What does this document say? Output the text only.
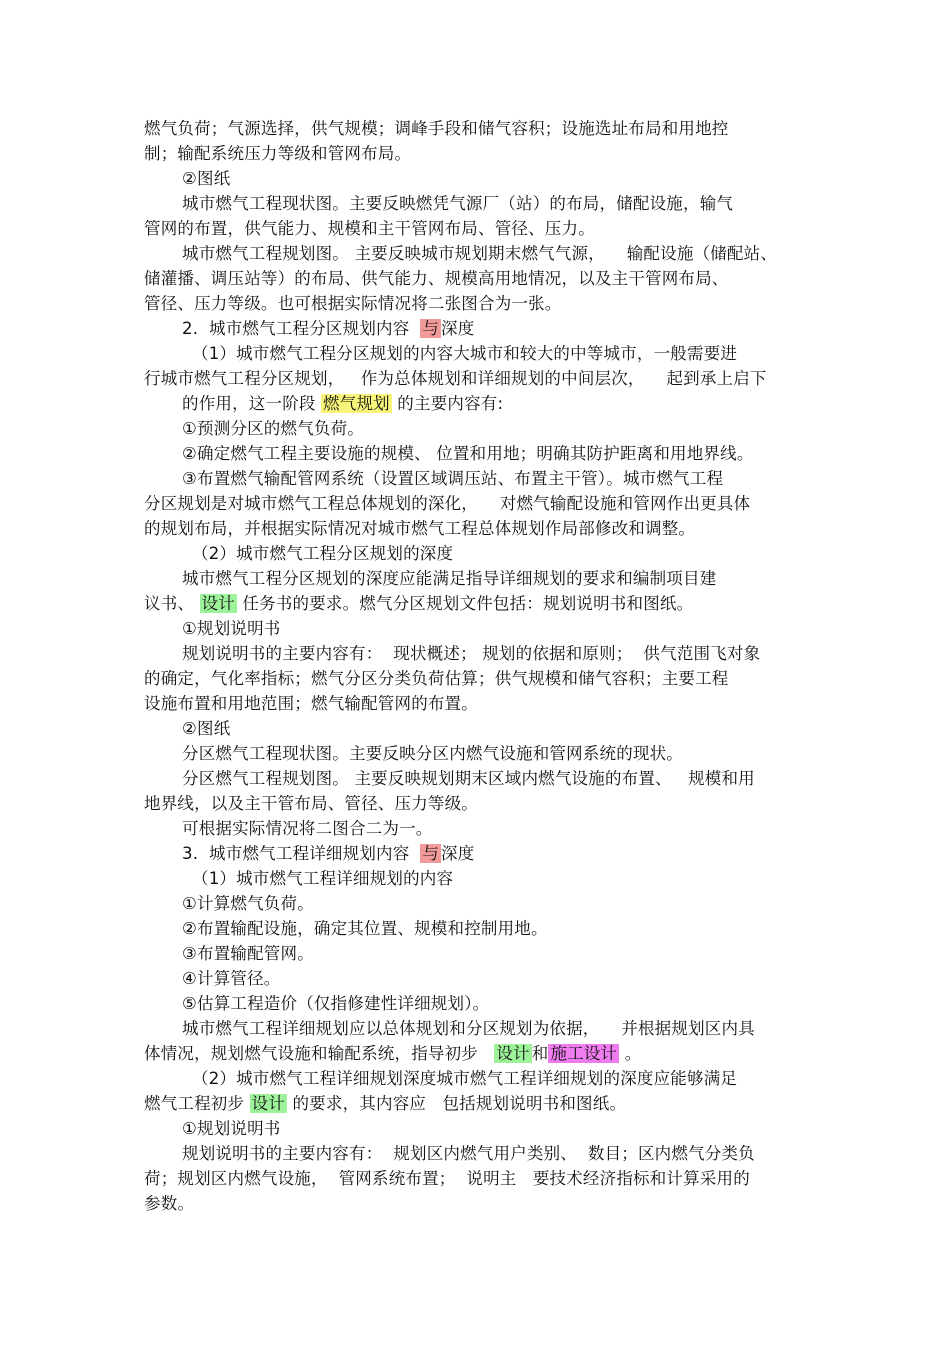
燃气负荷；气源选择，供气规模；调峰手段和储气容积；设施选址布局和用地控
制；输配系统压力等级和管网布局。
②图纸
城市燃气工程现状图。主要反映燃凭气源厂（站）的布局，储配设施，输气
管网的布置，供气能力、规模和主干管网布局、管径、压力。
城市燃气工程规划图。 主要反映城市规划期末燃气气源，    输配设施（储配站、
储灌播、调压站等）的布局、供气能力、规模高用地情况，以及主干管网布局、
管径、压力等级。也可根据实际情况将二张图合为一张。
2.  城市燃气工程分区规划内容  与 深度
（1）城市燃气工程分区规划的内容大城市和较大的中等城市，一般需要进
行城市燃气工程分区规划，   作为总体规划和详细规划的中间层次，    起到承上启下
的作用，这一阶段 燃气规划 的主要内容有:
①预测分区的燃气负荷。
②确定燃气工程主要设施的规模、 位置和用地；明确其防护距离和用地界线。
③布置燃气输配管网系统（设置区域调压站、布置主干管）。城市燃气工程
分区规划是对城市燃气工程总体规划的深化，    对燃气输配设施和管网作出更具体
的规划布局，并根据实际情况对城市燃气工程总体规划作局部修改和调整。
（2）城市燃气工程分区规划的深度
城市燃气工程分区规划的深度应能满足指导详细规划的要求和编制项目建
议书、 设计 任务书的要求。燃气分区规划文件包括：规划说明书和图纸。
①规划说明书
规划说明书的主要内容有：  现状概述； 规划的依据和原则；  供气范围飞对象
的确定，气化率指标；燃气分区分类负荷估算；供气规模和储气容积；主要工程
设施布置和用地范围；燃气输配管网的布置。
②图纸
分区燃气工程现状图。主要反映分区内燃气设施和管网系统的现状。
分区燃气工程规划图。 主要反映规划期末区域内燃气设施的布置、   规模和用
地界线，以及主干管布局、管径、压力等级。
可根据实际情况将二图合二为一。
3.  城市燃气工程详细规划内容  与 深度
（1）城市燃气工程详细规划的内容
①计算燃气负荷。
②布置输配设施，确定其位置、规模和控制用地。
③布置输配管网。
④计算管径。
⑤估算工程造价（仅指修建性详细规划）。
城市燃气工程详细规划应以总体规划和分区规划为依据，    并根据规划区内具
体情况，规划燃气设施和输配系统，指导初步   设计 和 施工设计 。
（2）城市燃气工程详细规划深度城市燃气工程详细规划的深度应能够满足
燃气工程初步 设计 的要求，其内容应   包括规划说明书和图纸。
①规划说明书
规划说明书的主要内容有：  规划区内燃气用户类别、  数目；区内燃气分类负
荷；规划区内燃气设施，  管网系统布置；  说明主   要技术经济指标和计算采用的
参数。
